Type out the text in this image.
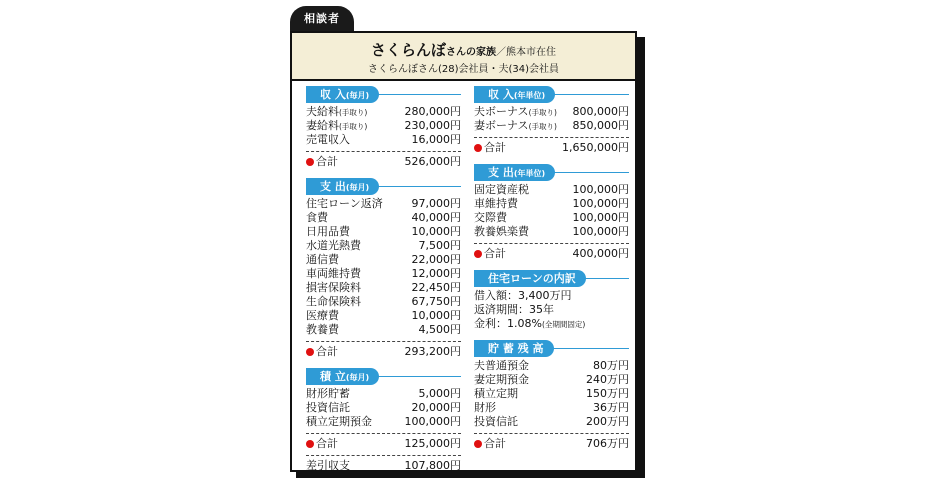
相談者
さくらんぼさんの家族／熊本市在住
さくらんぼさん(28)会社員・夫(34)会社員
収 入(毎月)
夫給料(手取り)	280,000円
妻給料(手取り)	230,000円
売電収入	16,000円
合計	526,000円
支 出(毎月)
住宅ローン返済	97,000円
食費	40,000円
日用品費	10,000円
水道光熱費	7,500円
通信費	22,000円
車両維持費	12,000円
損害保険料	22,450円
生命保険料	67,750円
医療費	10,000円
教養費	4,500円
合計	293,200円
積 立(毎月)
財形貯蓄	5,000円
投資信託	20,000円
積立定期預金	100,000円
合計	125,000円
差引収支	107,800円
収 入(年単位)
夫ボーナス(手取り) 800,000円
妻ボーナス(手取り) 850,000円
合計	1,650,000円
支 出(年単位)
固定資産税	100,000円
車維持費	100,000円
交際費	100,000円
教養娯楽費	100,000円
合計	400,000円
住宅ローンの内訳
借入額：3,400万円
返済期間：35年
金利：1.08%(全期間固定)
貯 蓄 残 高
夫普通預金	80万円
妻定期預金	240万円
積立定期	150万円
財形	36万円
投資信託	200万円
合計	706万円
